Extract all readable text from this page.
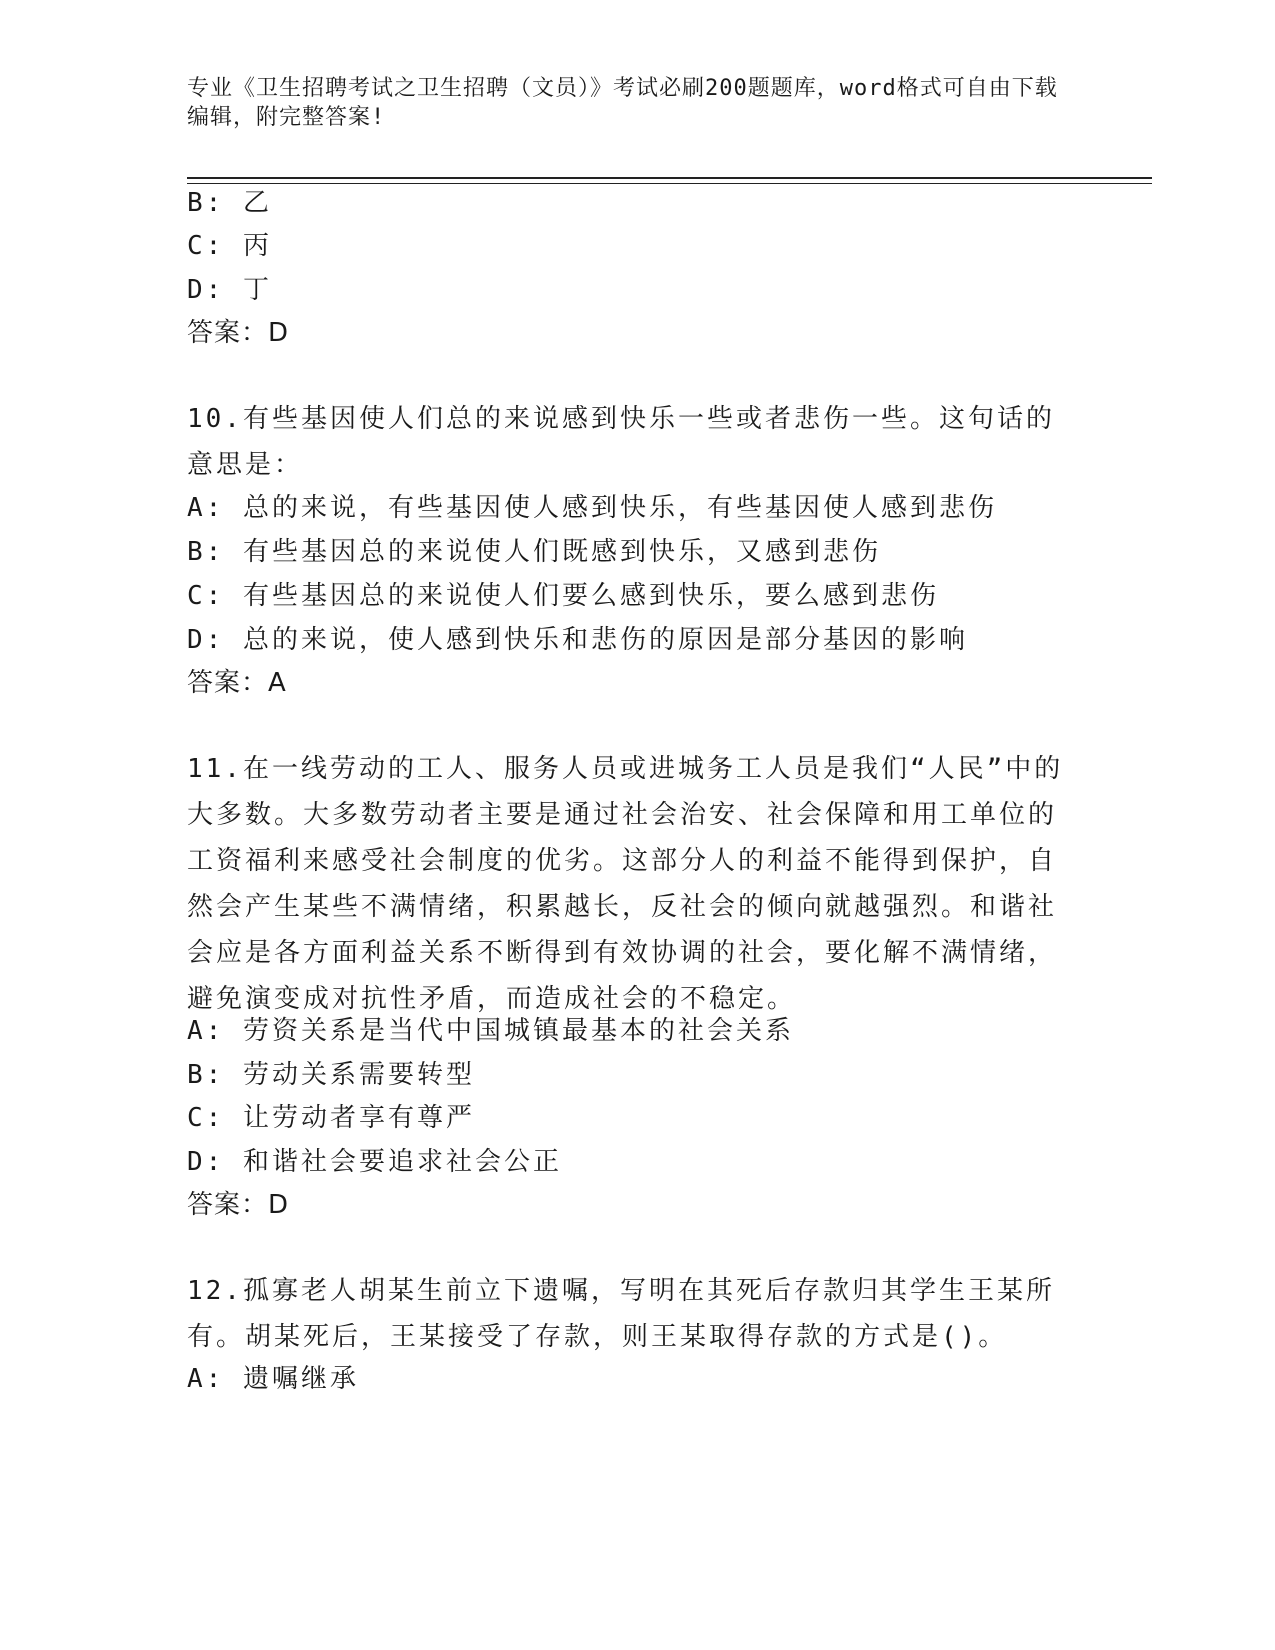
专业《卫生招聘考试之卫生招聘（文员）》考试必刷200题题库，word格式可自由下载编辑，附完整答案!
B: 乙
C: 丙
D: 丁
答案：D
10.有些基因使人们总的来说感到快乐一些或者悲伤一些。这句话的意思是：
A: 总的来说，有些基因使人感到快乐，有些基因使人感到悲伤
B: 有些基因总的来说使人们既感到快乐，又感到悲伤
C: 有些基因总的来说使人们要么感到快乐，要么感到悲伤
D: 总的来说，使人感到快乐和悲伤的原因是部分基因的影响
答案：A
11.在一线劳动的工人、服务人员或进城务工人员是我们“人民”中的大多数。大多数劳动者主要是通过社会治安、社会保障和用工单位的工资福利来感受社会制度的优劣。这部分人的利益不能得到保护，自然会产生某些不满情绪，积累越长，反社会的倾向就越强烈。和谐社会应是各方面利益关系不断得到有效协调的社会，要化解不满情绪，避免演变成对抗性矛盾，而造成社会的不稳定。
A: 劳资关系是当代中国城镇最基本的社会关系
B: 劳动关系需要转型
C: 让劳动者享有尊严
D: 和谐社会要追求社会公正
答案：D
12.孤寡老人胡某生前立下遗嘱，写明在其死后存款归其学生王某所有。胡某死后，王某接受了存款，则王某取得存款的方式是()。
A: 遗嘱继承
